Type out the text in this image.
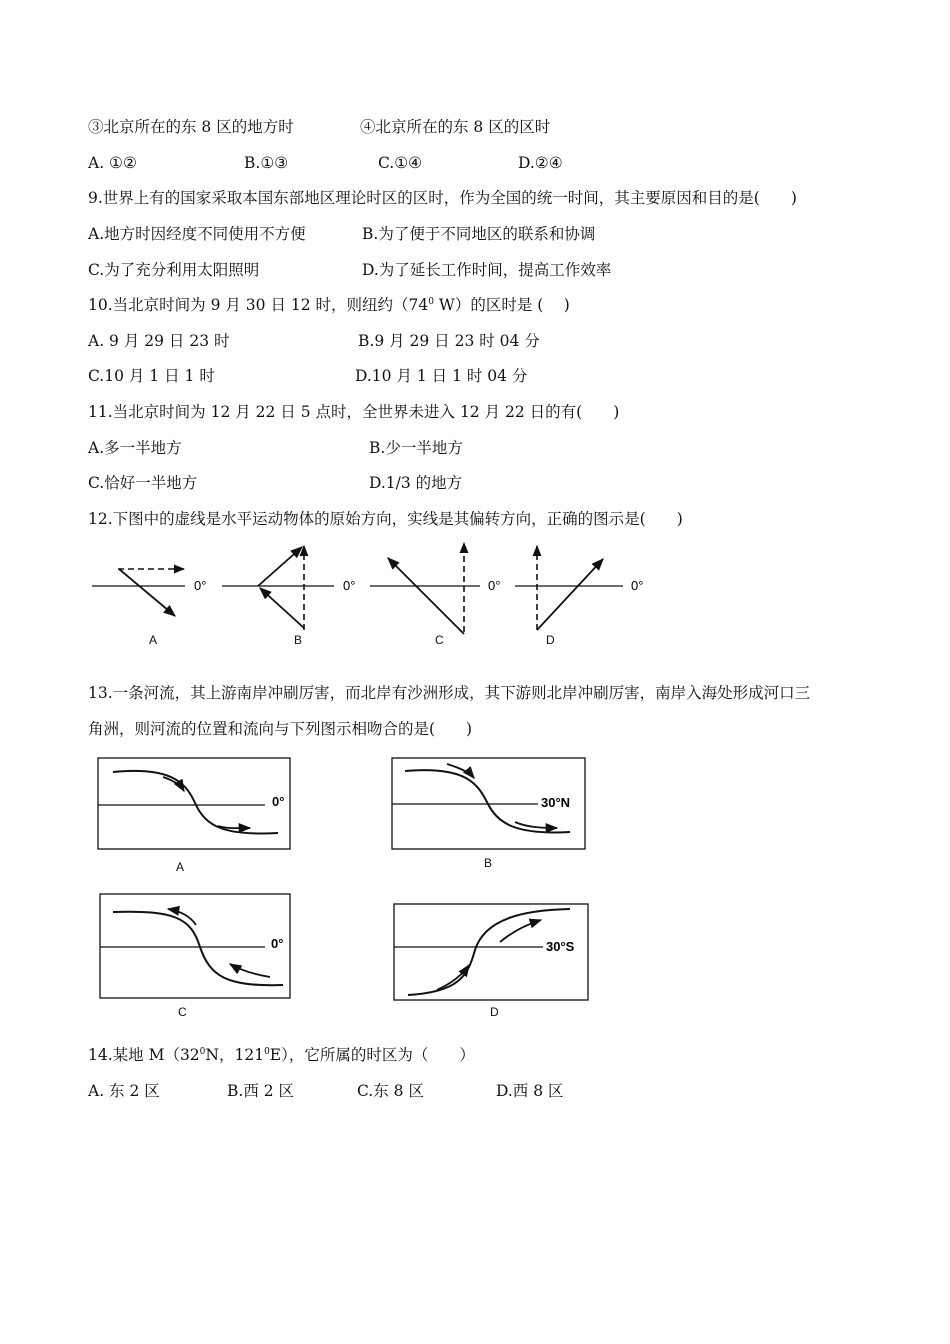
③北京所在的东 8 区的地方时	④北京所在的东 8 区的区时
A. ①②	B.①③	C.①④	D.②④
9.世界上有的国家采取本国东部地区理论时区的区时，作为全国的统一时间，其主要原因和目的是(　　)
A.地方时因经度不同使用不方便	B.为了便于不同地区的联系和协调
C.为了充分利用太阳照明	D.为了延长工作时间，提高工作效率
10.当北京时间为 9 月 30 日 12 时，则纽约（$74^0$ W）的区时是 (　 )
A. 9 月 29 日 23 时	B.9 月 29 日 23 时 04 分
C.10 月 1 日 1 时	D.10 月 1 日 1 时 04 分
11.当北京时间为 12 月 22 日 5 点时，全世界未进入 12 月 22 日的有(　　)
A.多一半地方	B.少一半地方
C.恰好一半地方	D.1/3 的地方
12.下图中的虚线是水平运动物体的原始方向，实线是其偏转方向，正确的图示是(　　)
0°	0°	0°	0°
0°	30°N
0°	30°S
A	B	C	D
13.一条河流，其上游南岸冲刷厉害，而北岸有沙洲形成，其下游则北岸冲刷厉害，南岸入海处形成河口三
角洲，则河流的位置和流向与下列图示相吻合的是(　　)
A	B
C	D
14.某地 $M(32^0N$，$121^0E$），它所属的时区为（　　）
A. 东 2 区	B.西 2 区	C.东 8 区	D.西 8 区
